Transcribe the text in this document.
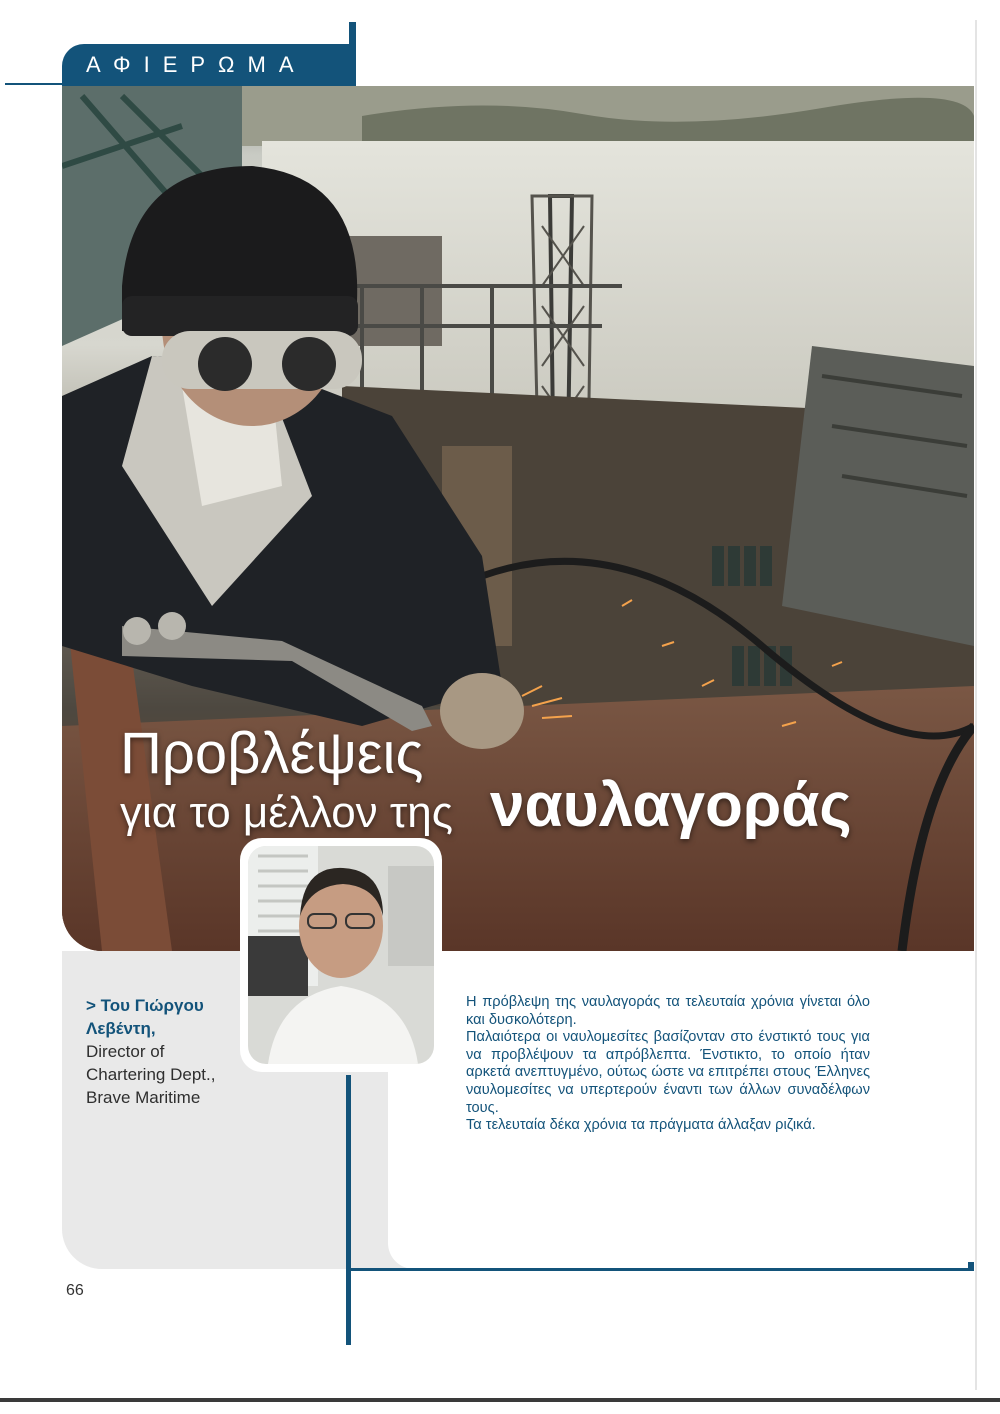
ΑΦΙΕΡΩΜΑ
Προβλέψεις
για το μέλλον της ναυλαγοράς
> Του Γιώργου
Λεβέντη,
Director of
Chartering Dept.,
Brave Maritime

Η πρόβλεψη της ναυλαγοράς τα τελευταία χρόνια γίνεται όλο και δυσκολότερη.

Παλαιότερα οι ναυλομεσίτες βασίζονταν στο ένστικτό τους για να προβλέψουν τα απρόβλεπτα. Ένστικτο, το οποίο ήταν αρκετά ανεπτυγμένο, ούτως ώστε να επιτρέπει στους Έλληνες ναυλομεσίτες να υπερτερούν έναντι των άλλων συναδέλφων τους.

Τα τελευταία δέκα χρόνια τα πράγματα άλλαξαν ριζικά.

66
